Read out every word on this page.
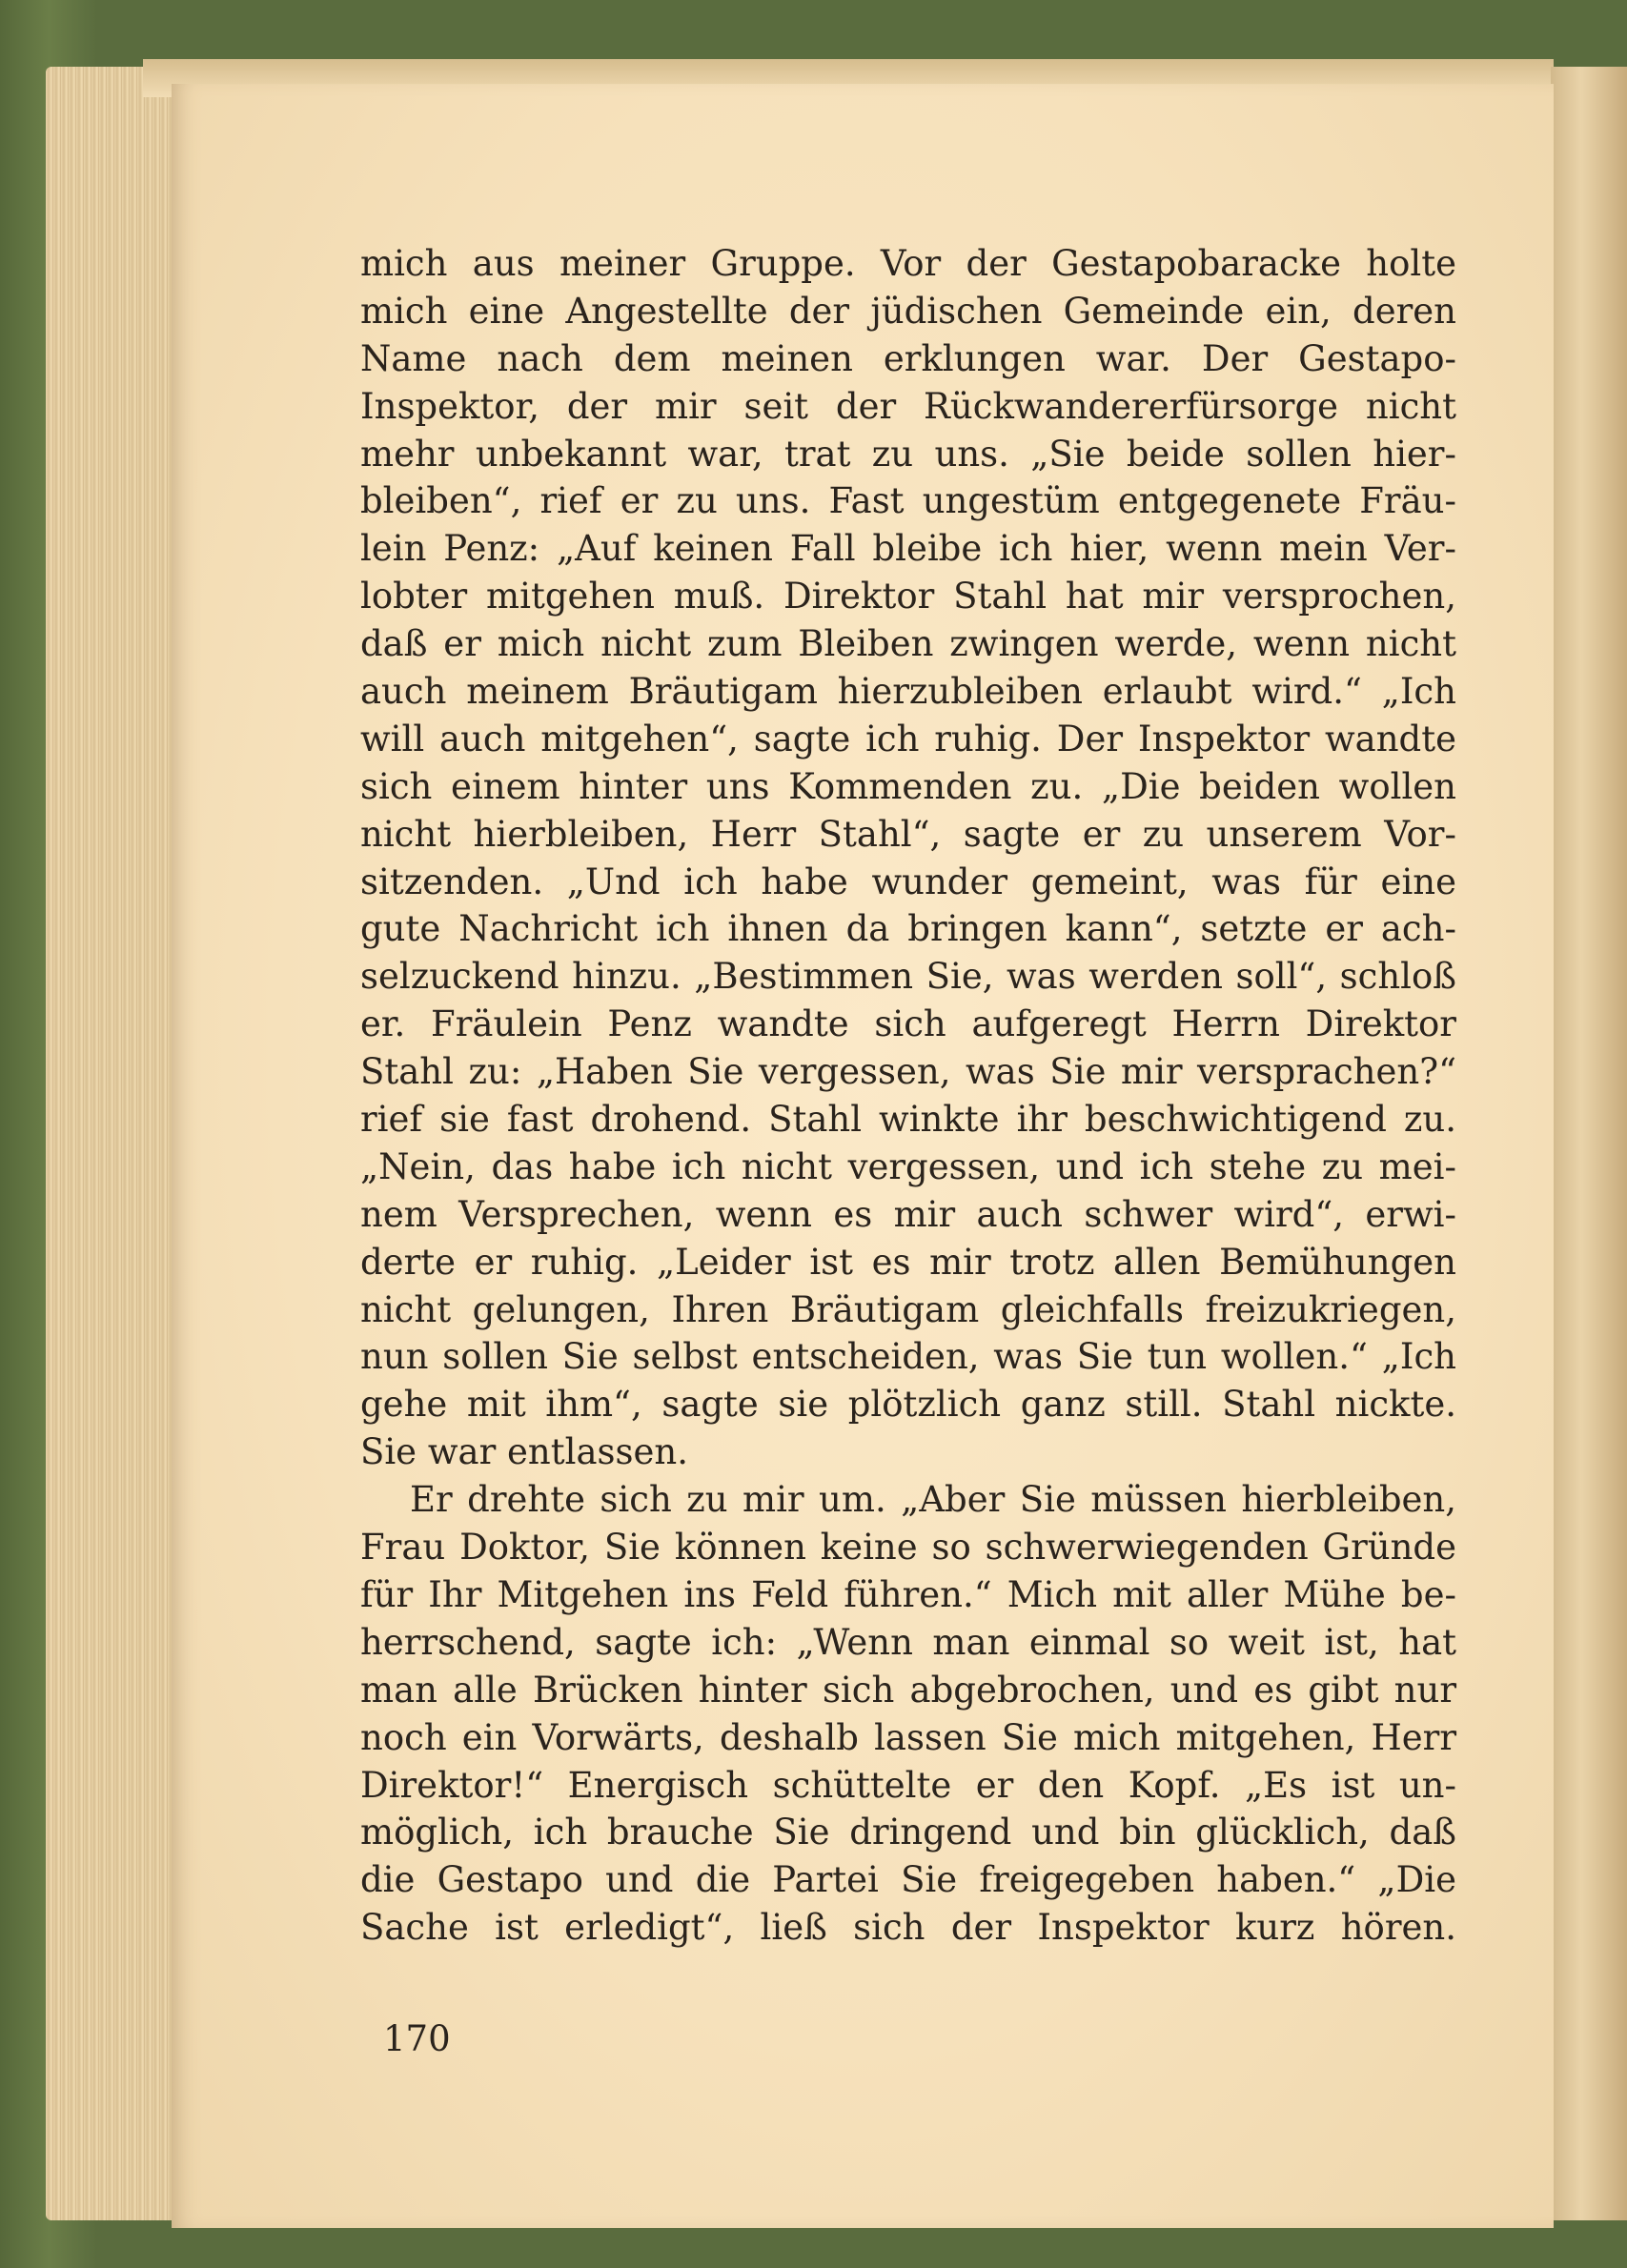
mich aus meiner Gruppe. Vor der Gestapobaracke holte
mich eine Angestellte der jüdischen Gemeinde ein, deren
Name nach dem meinen erklungen war. Der Gestapo-
Inspektor, der mir seit der Rückwandererfürsorge nicht
mehr unbekannt war, trat zu uns. „Sie beide sollen hier-
bleiben“, rief er zu uns. Fast ungestüm entgegenete Fräu-
lein Penz: „Auf keinen Fall bleibe ich hier, wenn mein Ver-
lobter mitgehen muß. Direktor Stahl hat mir versprochen,
daß er mich nicht zum Bleiben zwingen werde, wenn nicht
auch meinem Bräutigam hierzubleiben erlaubt wird.“ „Ich
will auch mitgehen“, sagte ich ruhig. Der Inspektor wandte
sich einem hinter uns Kommenden zu. „Die beiden wollen
nicht hierbleiben, Herr Stahl“, sagte er zu unserem Vor-
sitzenden. „Und ich habe wunder gemeint, was für eine
gute Nachricht ich ihnen da bringen kann“, setzte er ach-
selzuckend hinzu. „Bestimmen Sie, was werden soll“, schloß
er. Fräulein Penz wandte sich aufgeregt Herrn Direktor
Stahl zu: „Haben Sie vergessen, was Sie mir versprachen?“
rief sie fast drohend. Stahl winkte ihr beschwichtigend zu.
„Nein, das habe ich nicht vergessen, und ich stehe zu mei-
nem Versprechen, wenn es mir auch schwer wird“, erwi-
derte er ruhig. „Leider ist es mir trotz allen Bemühungen
nicht gelungen, Ihren Bräutigam gleichfalls freizukriegen,
nun sollen Sie selbst entscheiden, was Sie tun wollen.“ „Ich
gehe mit ihm“, sagte sie plötzlich ganz still. Stahl nickte.
Sie war entlassen.
Er drehte sich zu mir um. „Aber Sie müssen hierbleiben,
Frau Doktor, Sie können keine so schwerwiegenden Gründe
für Ihr Mitgehen ins Feld führen.“ Mich mit aller Mühe be-
herrschend, sagte ich: „Wenn man einmal so weit ist, hat
man alle Brücken hinter sich abgebrochen, und es gibt nur
noch ein Vorwärts, deshalb lassen Sie mich mitgehen, Herr
Direktor!“ Energisch schüttelte er den Kopf. „Es ist un-
möglich, ich brauche Sie dringend und bin glücklich, daß
die Gestapo und die Partei Sie freigegeben haben.“ „Die
Sache ist erledigt“, ließ sich der Inspektor kurz hören.
170
